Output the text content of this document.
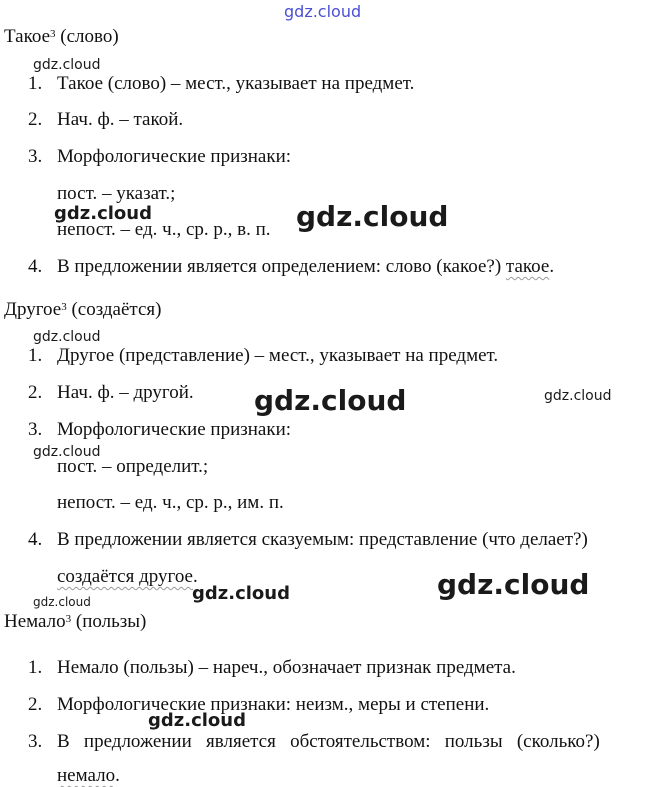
gdz.cloud
Такое$^3$ (слово)
1. Такое (слово) – мест., указывает на предмет.
2. Нач. ф. – такой.
3. Морфологические признаки:
пост. – указат.;
непост. – ед. ч., ср. р., в. п.
4. В предложении является определением: слово (какое?) такое.
Другое$^3$ (создаётся)
1. Другое (представление) – мест., указывает на предмет.
2. Нач. ф. – другой.
3. Морфологические признаки:
пост. – определит.;
непост. – ед. ч., ср. р., им. п.
4. В предложении является сказуемым: представление (что делает?)
создаётся другое.
Немало$^3$ (пользы)
1. Немало (пользы) – нареч., обозначает признак предмета.
2. Морфологические признаки: неизм., меры и степени.
3. В   предложении   является   обстоятельством:   пользы   (сколько?)
немало.
gdz.cloud
gdz.cloud	gdz.cloud
gdz.cloud
gdz.cloud	gdz.cloud
gdz.cloud
gdz.cloud
gdz.cloud
gdz.cloud
gdz.cloud
